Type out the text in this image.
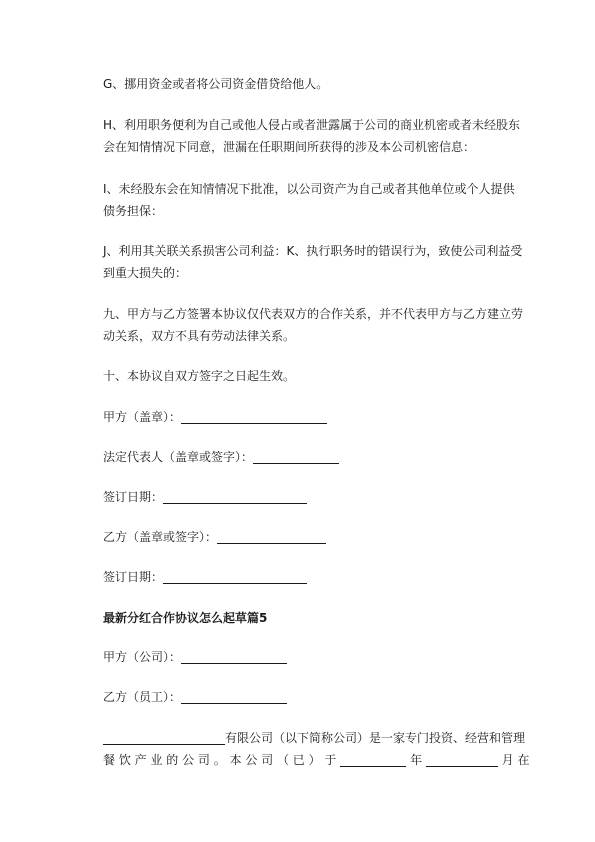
G、挪用资金或者将公司资金借贷给他人。
H、利用职务便利为自己或他人侵占或者泄露属于公司的商业机密或者未经股东
会在知情情况下同意，泄漏在任职期间所获得的涉及本公司机密信息：
I、未经股东会在知情情况下批准，以公司资产为自己或者其他单位或个人提供
债务担保：
J、利用其关联关系损害公司利益：K、执行职务时的错误行为，致使公司利益受
到重大损失的：
九、甲方与乙方签署本协议仅代表双方的合作关系，并不代表甲方与乙方建立劳
动关系，双方不具有劳动法律关系。
十、本协议自双方签字之日起生效。
甲方（盖章）：
法定代表人（盖章或签字）：
签订日期：
乙方（盖章或签字）：
签订日期：
最新分红合作协议怎么起草篇5
甲方（公司）：
乙方（员工）：
有限公司（以下简称公司）是一家专门投资、经营和管理
餐 饮 产 业 的 公 司 。 本 公 司 （ 已 ） 于	年	月 在
